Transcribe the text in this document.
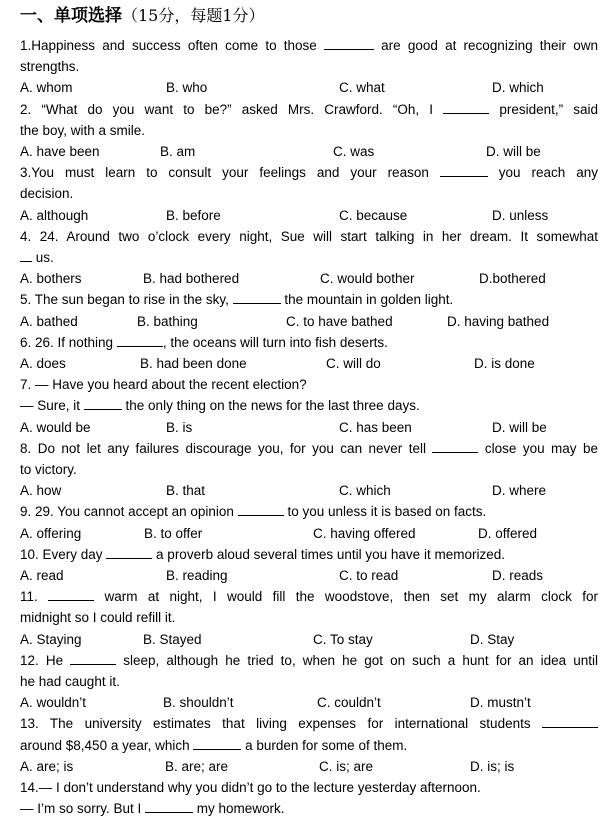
一、单项选择（15分，每题1分）
1.Happiness and success often come to those	are good at recognizing their own
strengths.
A. whom	B. who	C. what	D. which
2. “What do you want to be?” asked Mrs. Crawford. “Oh, I	president,” said
the boy, with a smile.
A. have been	B. am	C. was	D. will be
3.You must learn to consult your feelings and your reason	you reach any
decision.
A. although	B. before	C. because	D. unless
4. 24. Around two o’clock every night, Sue will start talking in her dream. It somewhat
us.
A. bothers	B. had bothered	C. would bother	D.bothered
5. The sun began to rise in the sky,	the mountain in golden light.
A. bathed	B. bathing	C. to have bathed	D. having bathed
6. 26. If nothing	, the oceans will turn into fish deserts.
A. does	B. had been done	C. will do	D. is done
7. — Have you heard about the recent election?
— Sure, it	the only thing on the news for the last three days.
A. would be	B. is	C. has been	D. will be
8. Do not let any failures discourage you, for you can never tell	close you may be
to victory.
A. how	B. that	C. which	D. where
9. 29. You cannot accept an opinion	to you unless it is based on facts.
A. offering	B. to offer	C. having offered	D. offered
10. Every day	a proverb aloud several times until you have it memorized.
A. read	B. reading	C. to read	D. reads
11.	warm at night, I would fill the woodstove, then set my alarm clock for
midnight so I could refill it.
A. Staying	B. Stayed	C. To stay	D. Stay
12. He	sleep, although he tried to, when he got on such a hunt for an idea until
he had caught it.
A. wouldn’t	B. shouldn’t	C. couldn’t	D. mustn’t
13. The university estimates that living expenses for international students
around $8,450 a year, which	a burden for some of them.
A. are; is	B. are; are	C. is; are	D. is; is
14.— I don’t understand why you didn’t go to the lecture yesterday afternoon.
— I’m so sorry. But I	my homework.
